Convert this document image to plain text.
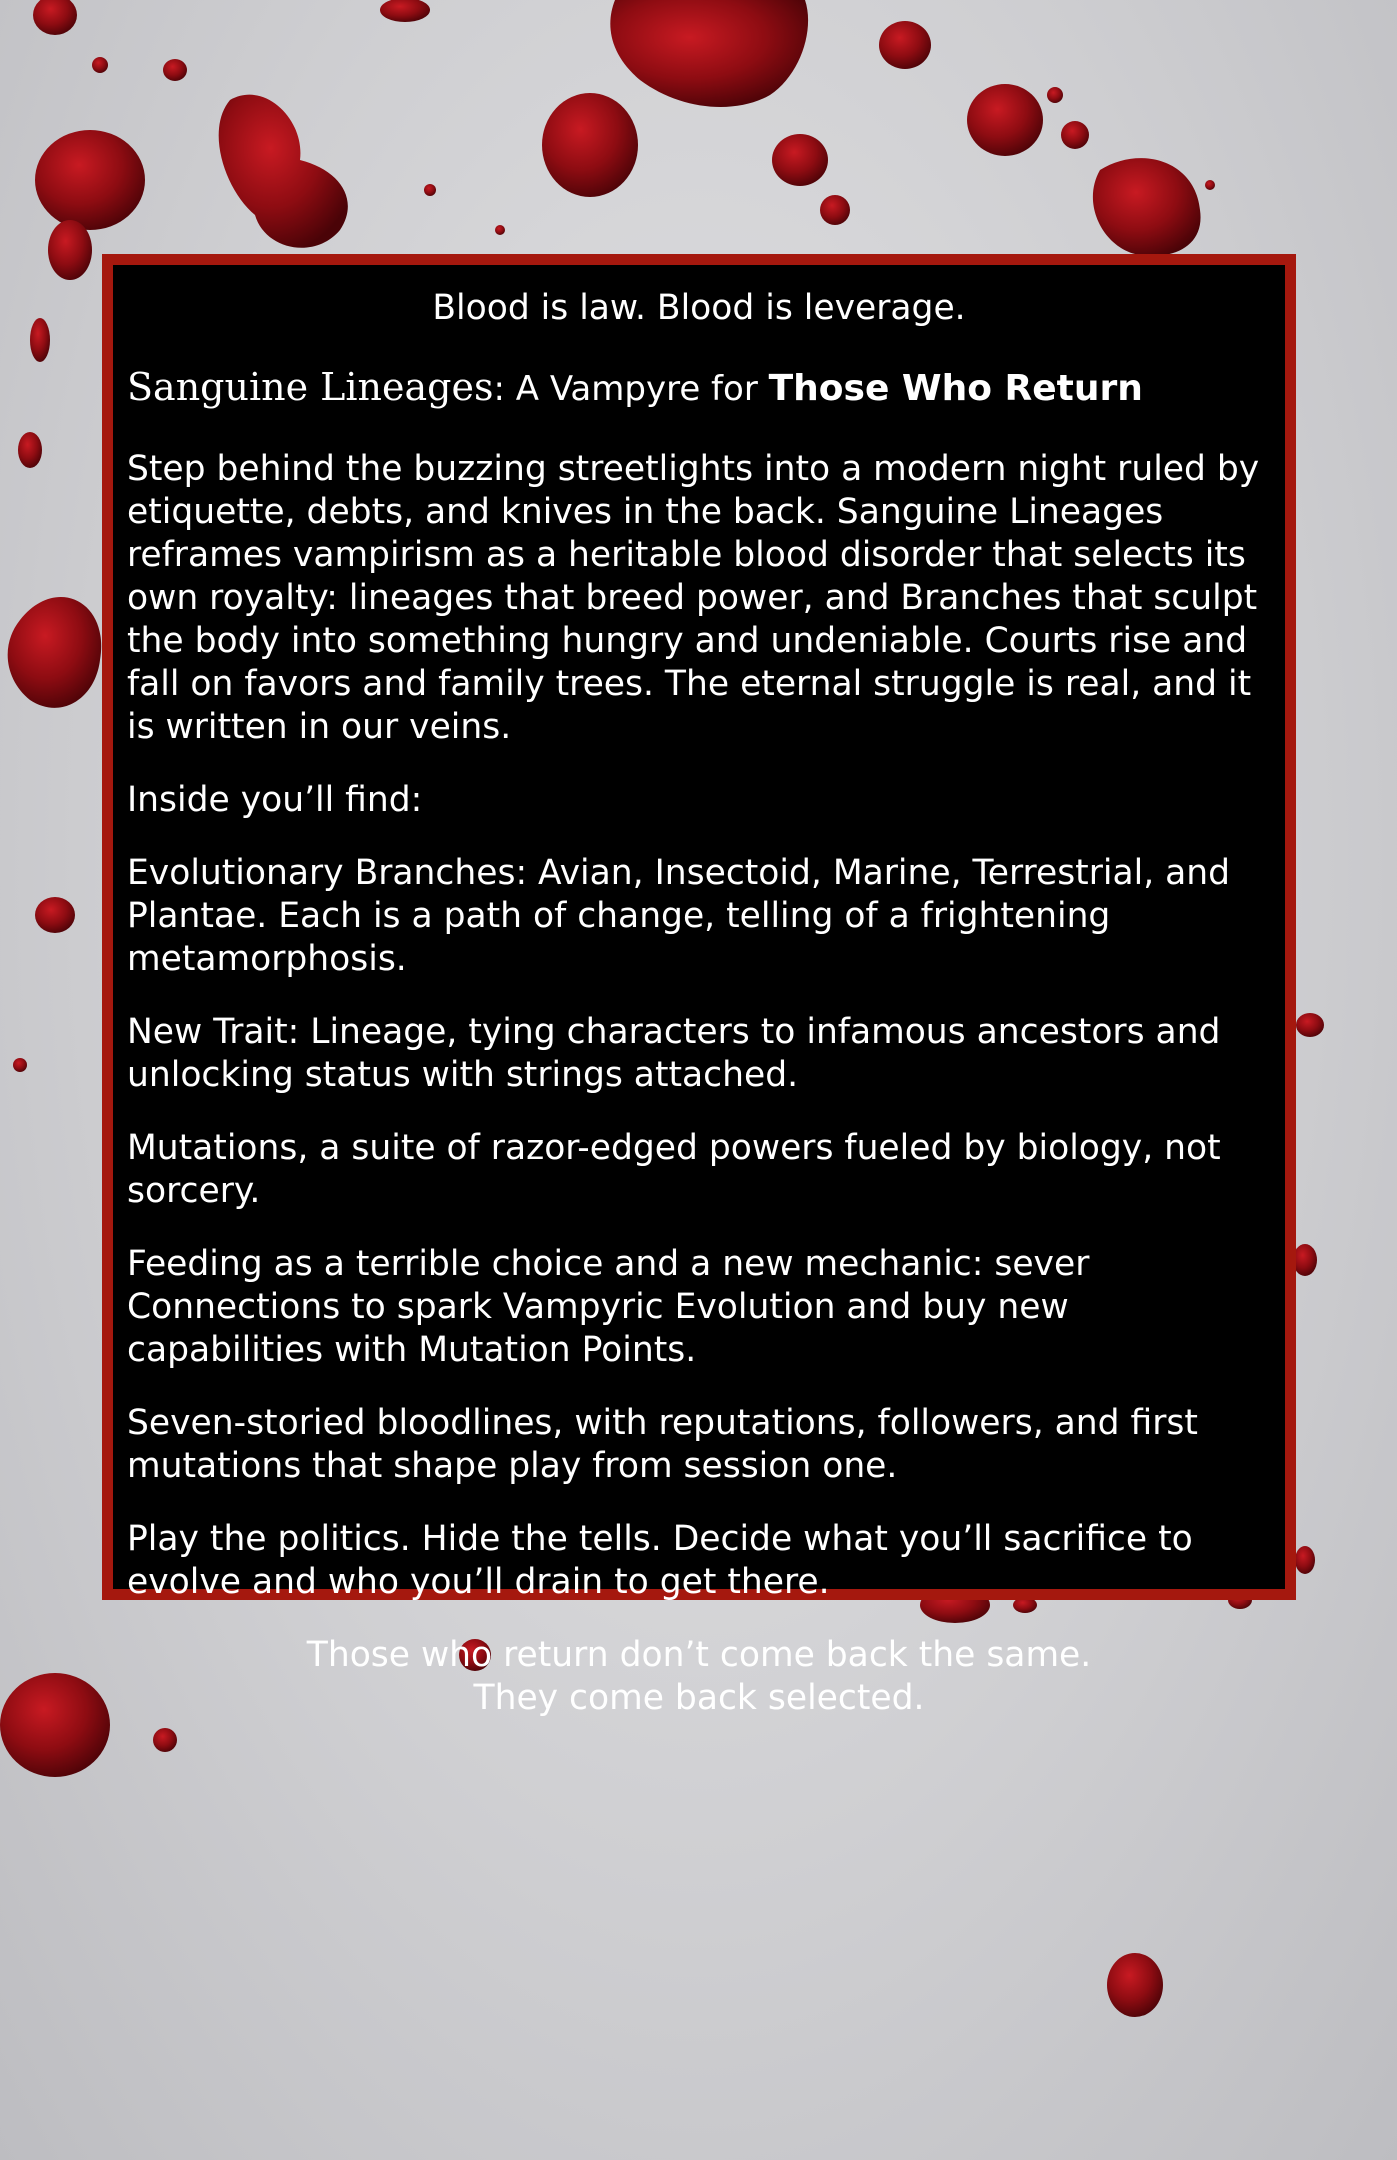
Blood is law. Blood is leverage.

Sanguine Lineages: A Vampyre for Those Who Return

Step behind the buzzing streetlights into a modern night ruled by etiquette, debts, and knives in the back. Sanguine Lineages reframes vampirism as a heritable blood disorder that selects its own royalty: lineages that breed power, and Branches that sculpt the body into something hungry and undeniable. Courts rise and fall on favors and family trees. The eternal struggle is real, and it is written in our veins.

Inside you’ll find:

Evolutionary Branches: Avian, Insectoid, Marine, Terrestrial, and Plantae. Each is a path of change, telling of a frightening metamorphosis.

New Trait: Lineage, tying characters to infamous ancestors and unlocking status with strings attached.

Mutations, a suite of razor-edged powers fueled by biology, not sorcery.

Feeding as a terrible choice and a new mechanic: sever Connections to spark Vampyric Evolution and buy new capabilities with Mutation Points.

Seven-storied bloodlines, with reputations, followers, and first mutations that shape play from session one.

Play the politics. Hide the tells. Decide what you’ll sacrifice to evolve and who you’ll drain to get there.

Those who return don’t come back the same.
They come back selected.
